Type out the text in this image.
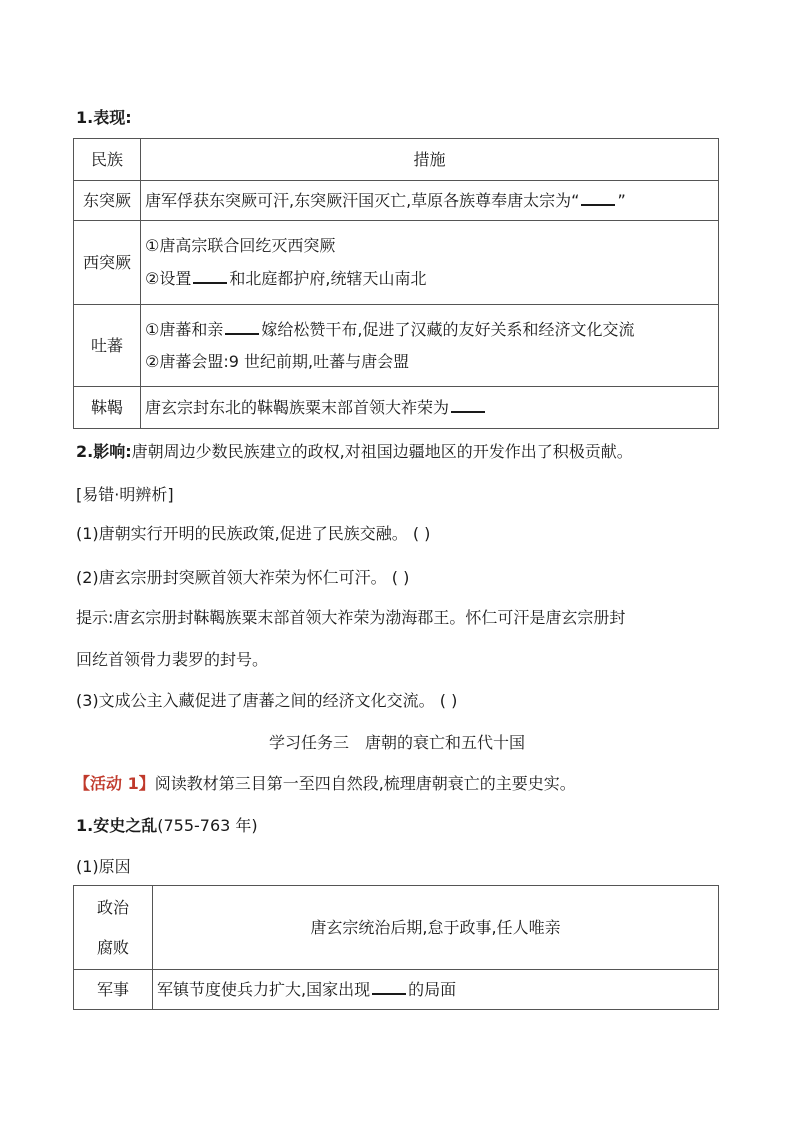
1.表现:
民族	措施
东突厥	唐军俘获东突厥可汗,东突厥汗国灭亡,草原各族尊奉唐太宗为“ ”
西突厥	①唐高宗联合回纥灭西突厥
②设置 和北庭都护府,统辖天山南北

吐蕃	①唐蕃和亲 嫁给松赞干布,促进了汉藏的友好关系和经济文化交流
②唐蕃会盟:9 世纪前期,吐蕃与唐会盟

靺鞨	唐玄宗封东北的靺鞨族粟末部首领大祚荣为
2.影响:唐朝周边少数民族建立的政权,对祖国边疆地区的开发作出了积极贡献。
[易错·明辨析]
(1)唐朝实行开明的民族政策,促进了民族交融。 ( )
(2)唐玄宗册封突厥首领大祚荣为怀仁可汗。 ( )
提示:唐玄宗册封靺鞨族粟末部首领大祚荣为渤海郡王。怀仁可汗是唐玄宗册封
回纥首领骨力裴罗的封号。
(3)文成公主入藏促进了唐蕃之间的经济文化交流。 ( )
学习任务三　唐朝的衰亡和五代十国
【活动 1】阅读教材第三目第一至四自然段,梳理唐朝衰亡的主要史实。
1.安史之乱(755-763 年)
(1)原因
政治
腐败	唐玄宗统治后期,怠于政事,任人唯亲
军事	军镇节度使兵力扩大,国家出现 的局面
